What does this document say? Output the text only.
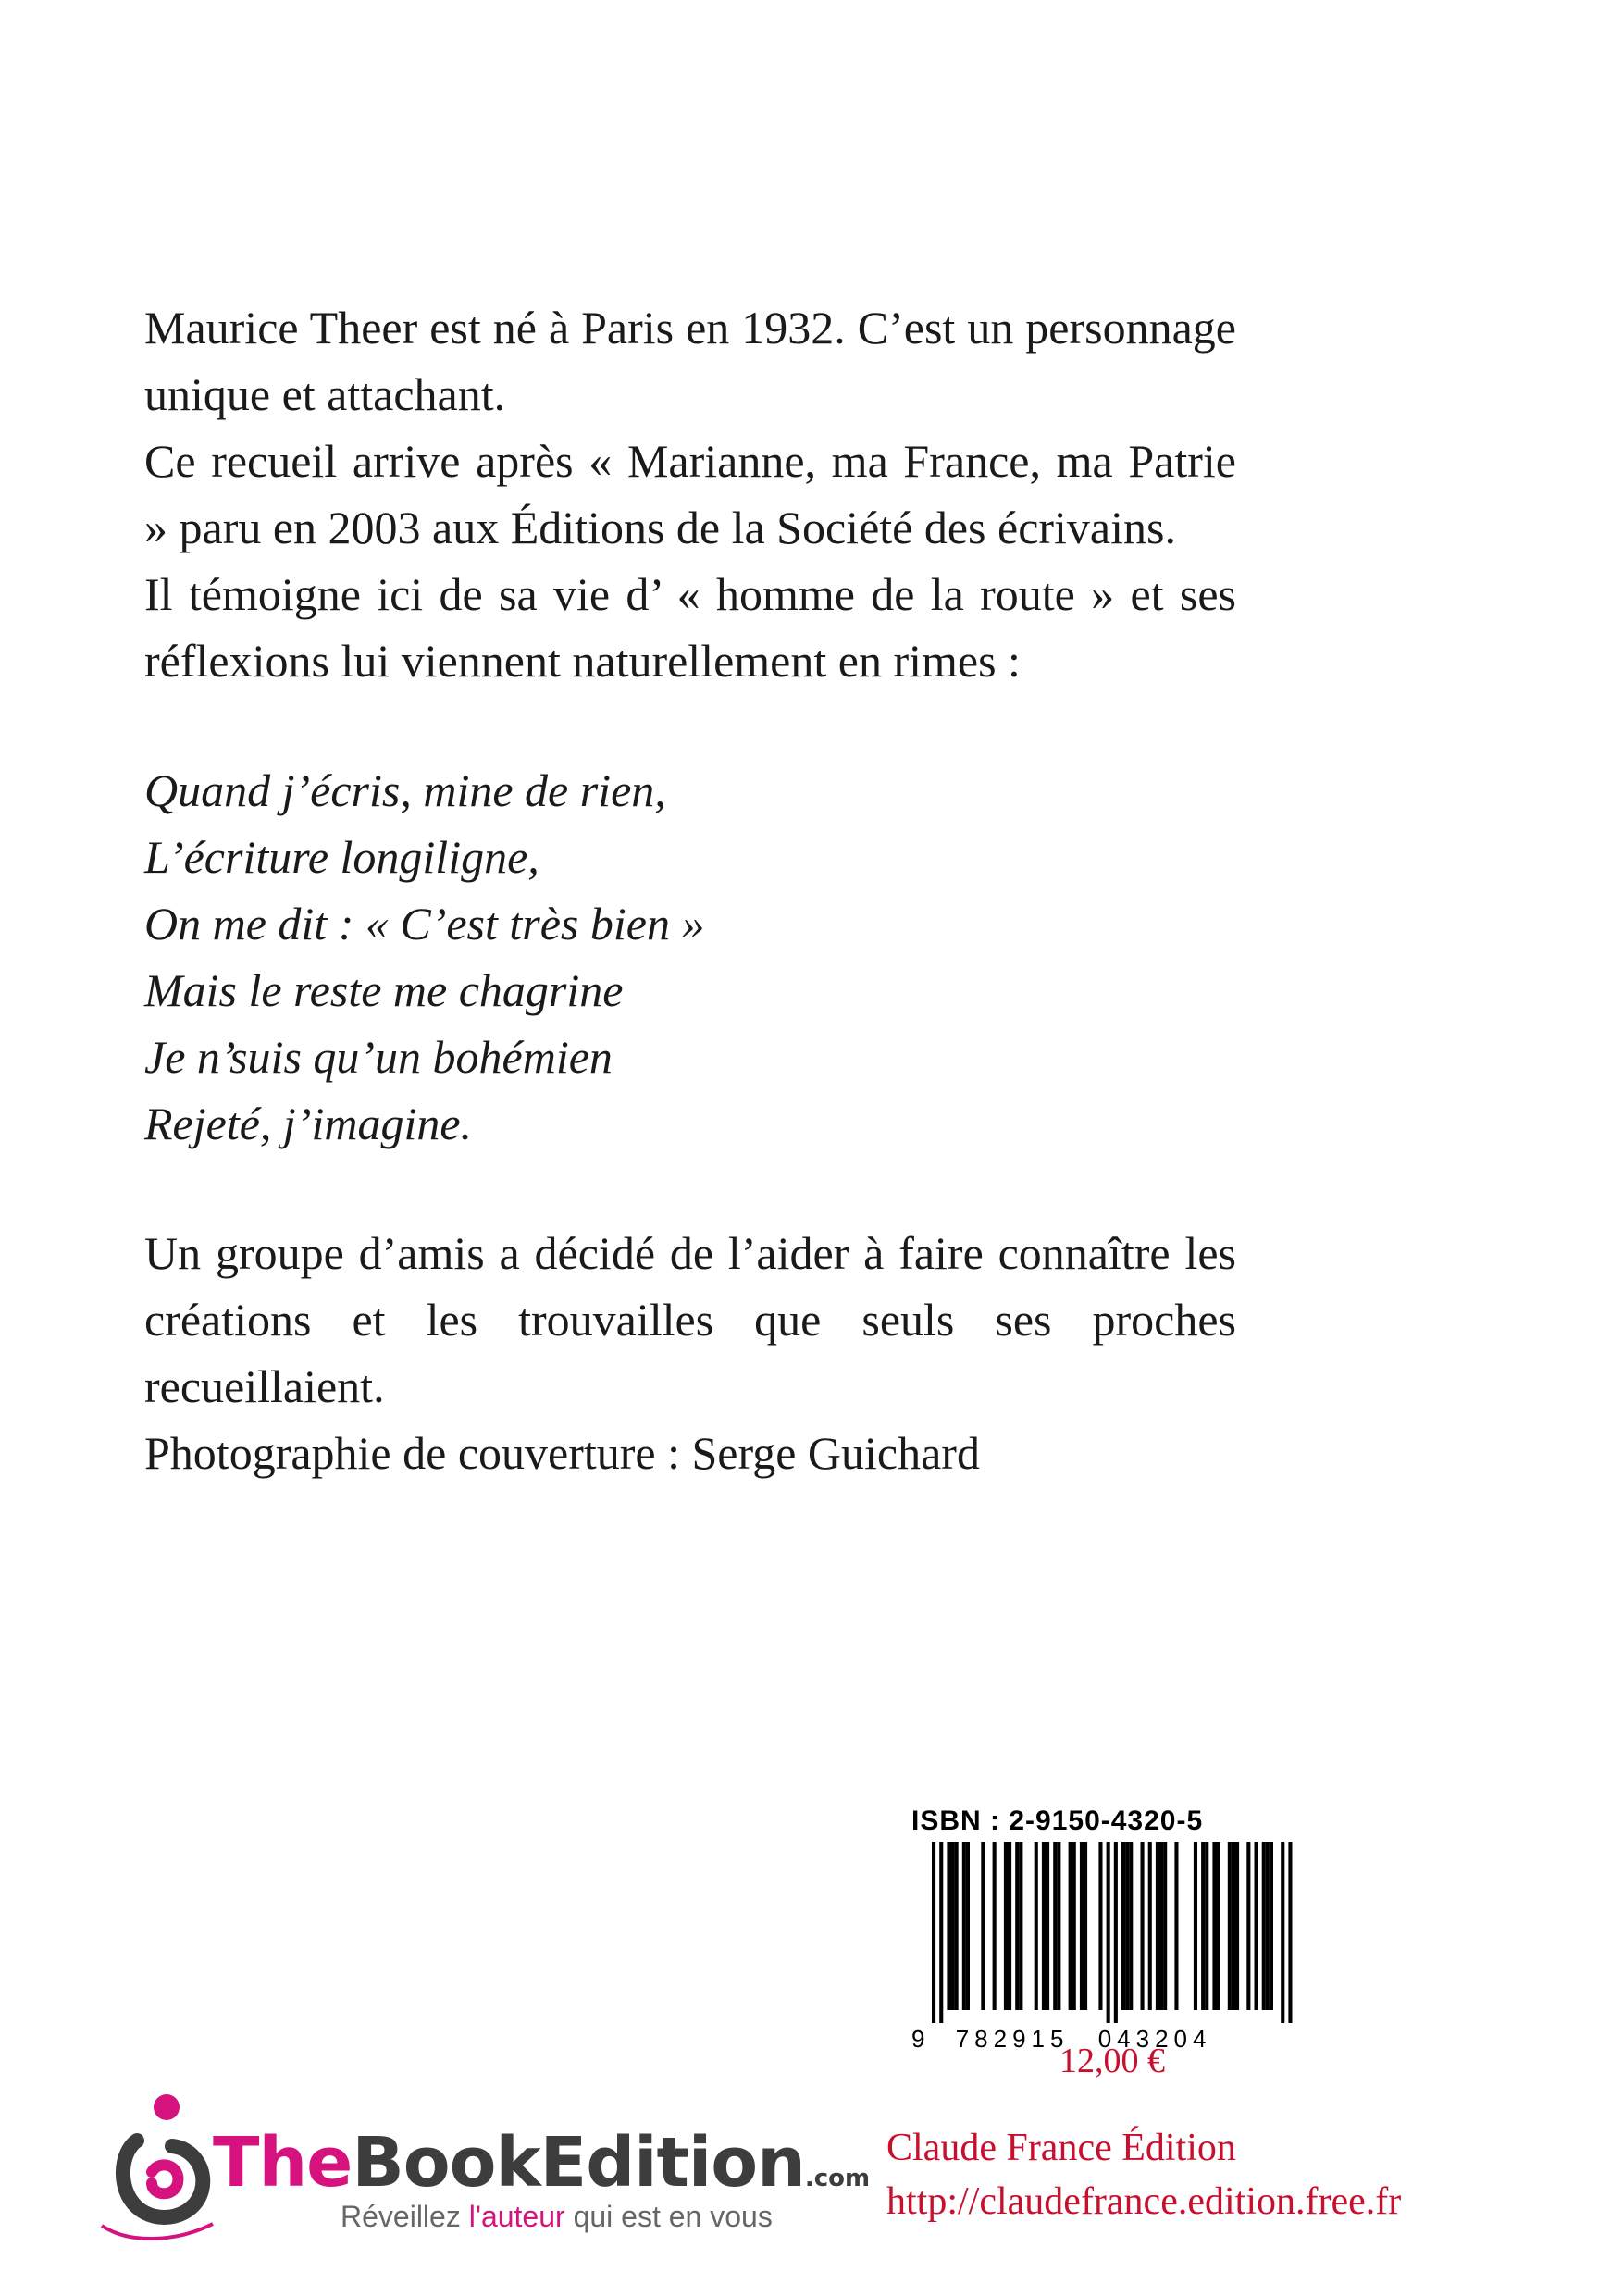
Maurice Theer est né à Paris en 1932. C’est un personnage unique et attachant.

Ce recueil arrive après « Marianne, ma France, ma Patrie » paru en 2003 aux Éditions de la Société des écrivains.

Il témoigne ici de sa vie d’ « homme de la route » et ses réflexions lui viennent naturellement en rimes :

Quand j’écris, mine de rien,
L’écriture longiligne,
On me dit : « C’est très bien »
Mais le reste me chagrine
Je n’suis qu’un bohémien
Rejeté, j’imagine.

Un groupe d’amis a décidé de l’aider à faire connaître les créations et les trouvailles que seuls ses proches recueillaient.

Photographie de couverture : Serge Guichard

ISBN : 2-9150-4320-5
9 782915 043204
12,00 €
TheBookEdition.com
Réveillez l'auteur qui est en vous
Claude France Édition
http://claudefrance.edition.free.fr
